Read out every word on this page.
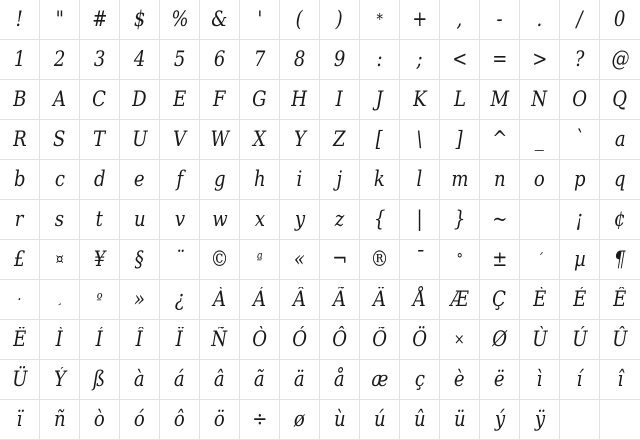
! " # $ % & ' ( ) * + , - . / 0
1 2 3 4 5 6 7 8 9 : ; < = > ? @
B A C D E F G H I J K L M N O Q
R S T U V W X Y Z [ \ ] ^ _ ` a
b c d e f g h i j k l m n o p q
r s t u v w x y z { | } ~	¡ ¢
£ ¤ ¥ § ¨ © ª « ¬ ® ¯ ° ± ´ µ ¶
·	¸ º » ¿ À Á Â Ã Ä Å Æ Ç È É Ê
Ë Ì Í Î Ï Ñ Ò Ó Ô Õ Ö × Ø Ù Ú Û
Ü Ý ß à á â ã ä å æ ç è ë ì í î
ï ñ ò ó ô ö ÷ ø ù ú û ü ý ÿ
